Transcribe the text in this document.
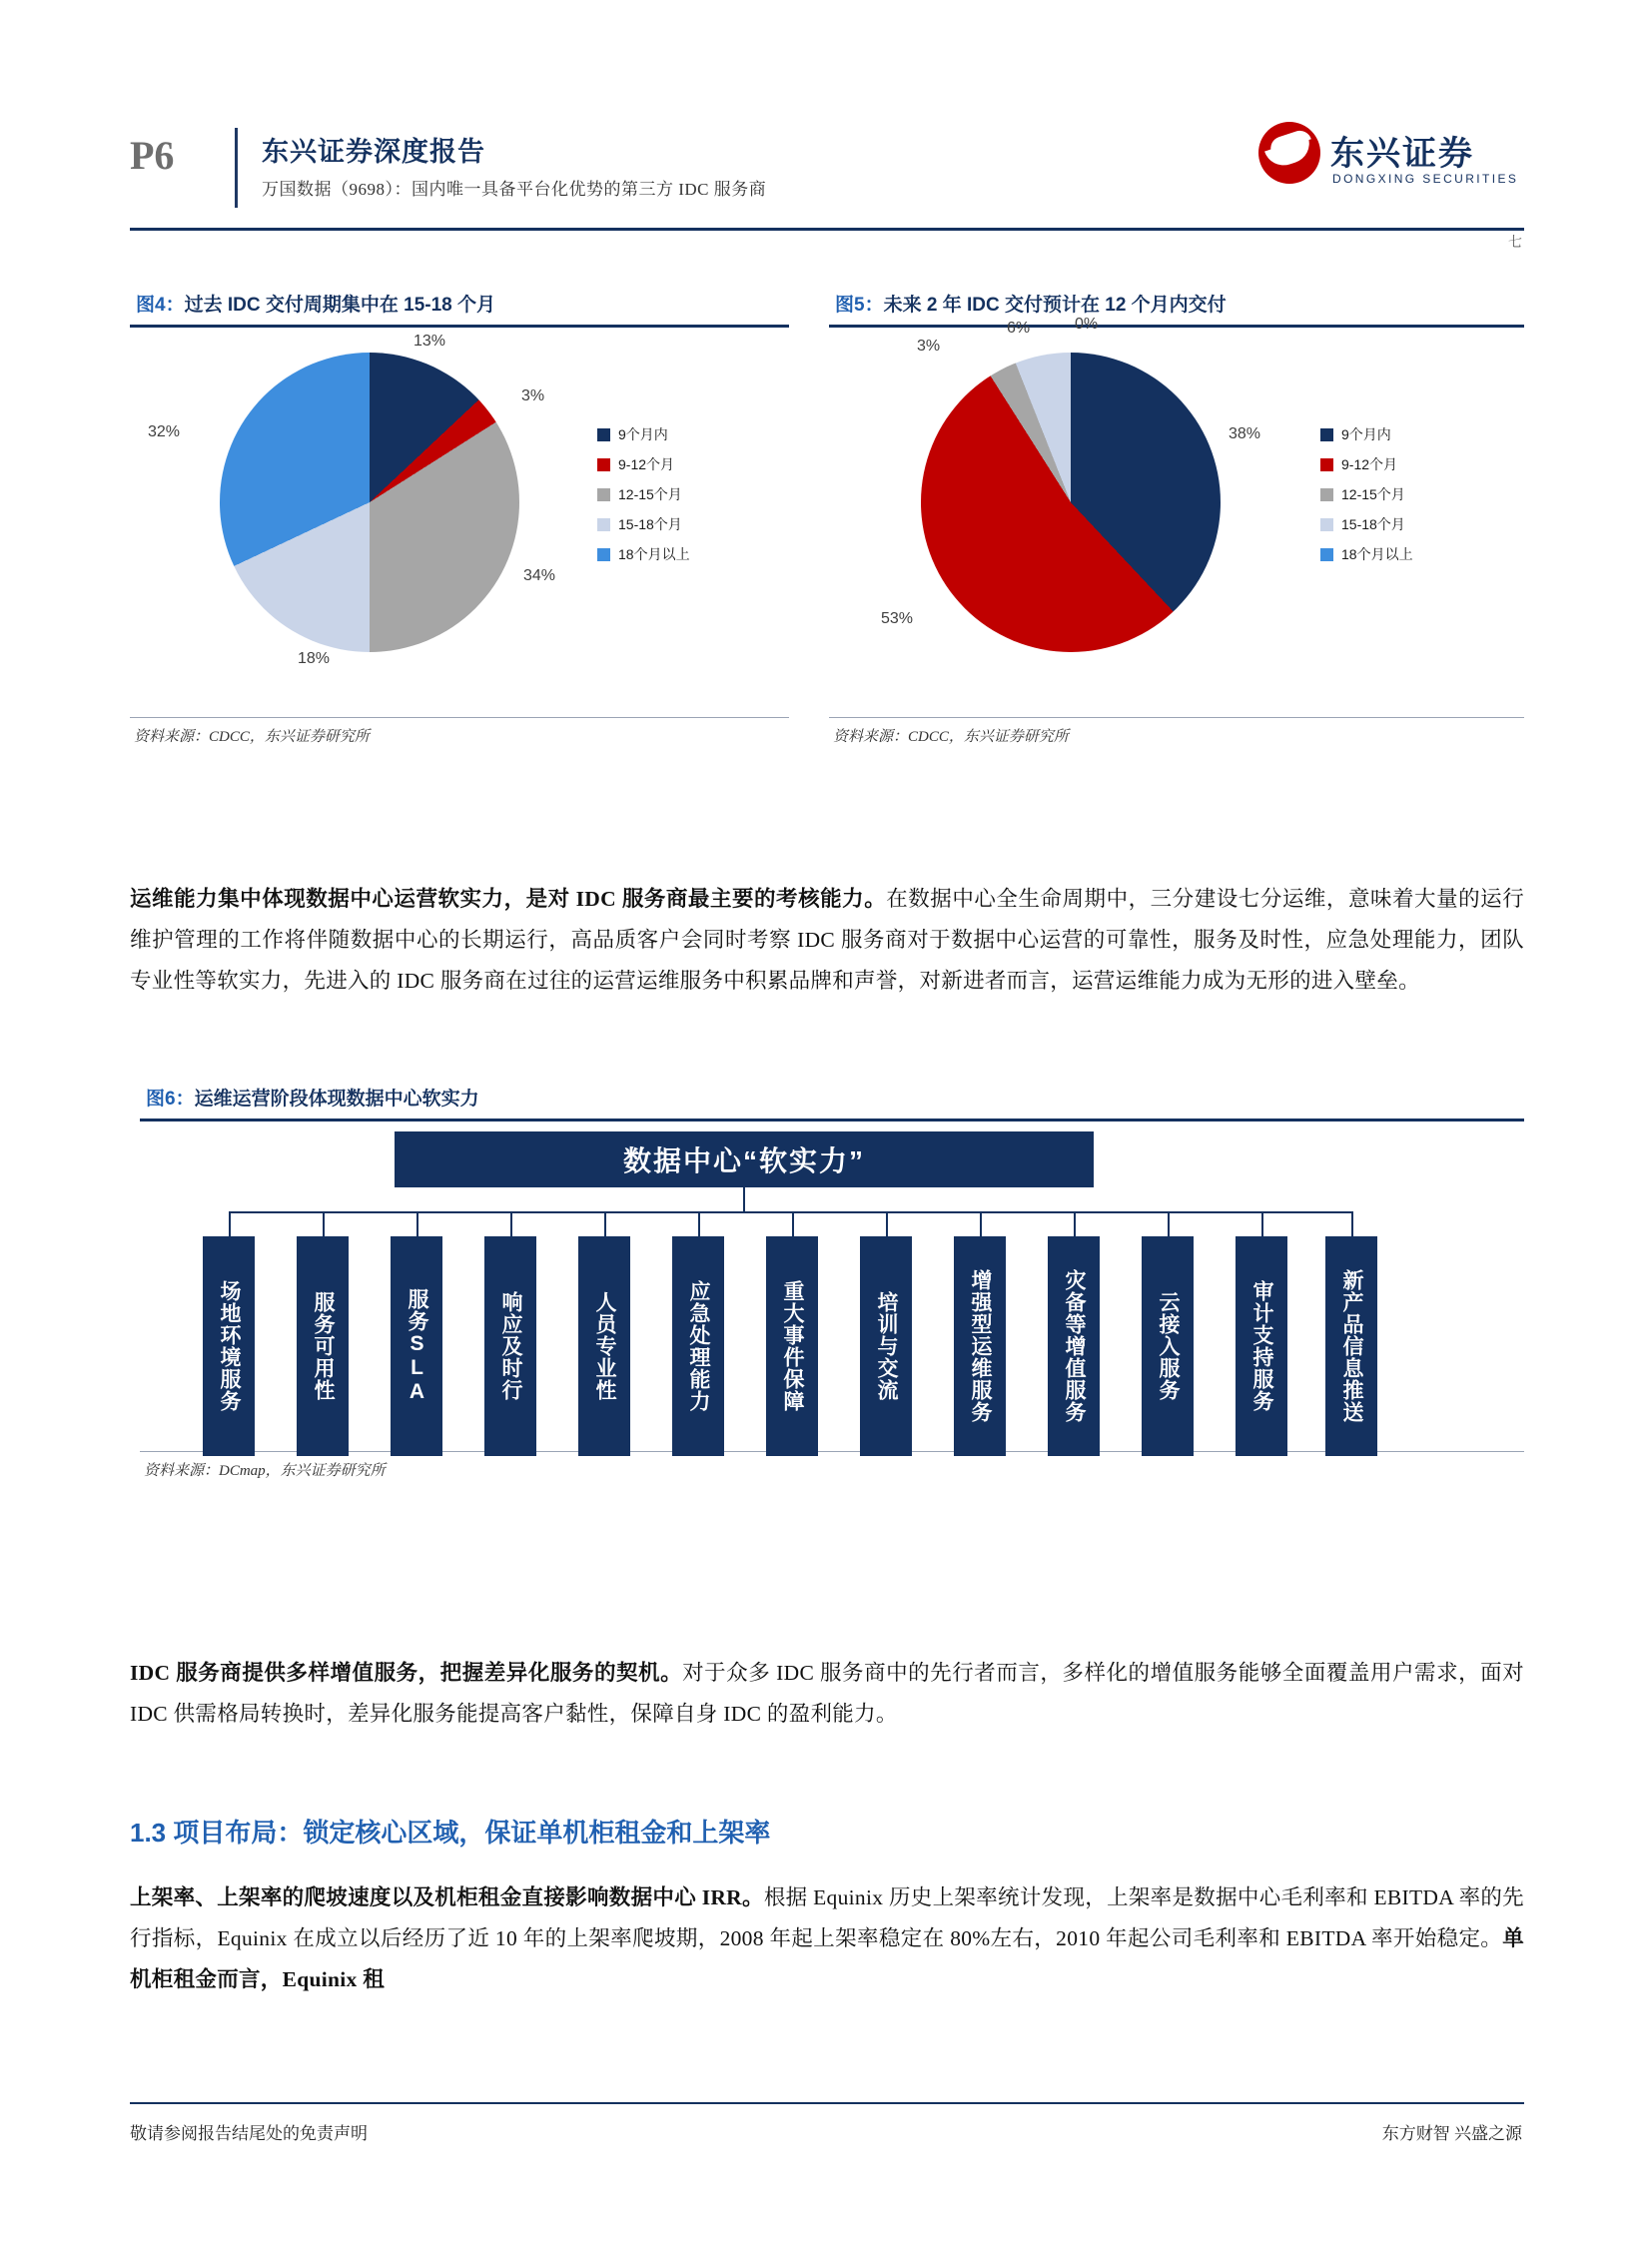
P6	东兴证券深度报告
万国数据（9698）：国内唯一具备平台化优势的第三方 IDC 服务商
东兴证券
DONGXING SECURITIES
七
图4：过去 IDC 交付周期集中在 15-18 个月
13%
3%
34%
18%
32%	9个月内
9-12个月
12-15个月
15-18个月
18个月以上
资料来源：CDCC，东兴证券研究所
图5：未来 2 年 IDC 交付预计在 12 个月内交付
38%
53%
3%
6%	0%
9个月内
9-12个月
12-15个月
15-18个月
18个月以上
资料来源：CDCC，东兴证券研究所
运维能力集中体现数据中心运营软实力，是对 IDC 服务商最主要的考核能力。在数据中心全生命周期中，三分建设七分运维，意味着大量的运行维护管理的工作将伴随数据中心的长期运行，高品质客户会同时考察 IDC 服务商对于数据中心运营的可靠性，服务及时性，应急处理能力，团队专业性等软实力，先进入的 IDC 服务商在过往的运营运维服务中积累品牌和声誉，对新进者而言，运营运维能力成为无形的进入壁垒。
图6：运维运营阶段体现数据中心软实力
数据中心“软实力”
场地环境服务	服务可用性	服务SLA	响应及时行	人员专业性	应急处理能力	重大事件保障	培训与交流	增强型运维服务	灾备等增值服务	云接入服务	审计支持服务	新产品信息推送
资料来源：DCmap，东兴证券研究所
IDC 服务商提供多样增值服务，把握差异化服务的契机。对于众多 IDC 服务商中的先行者而言，多样化的增值服务能够全面覆盖用户需求，面对 IDC 供需格局转换时，差异化服务能提高客户黏性，保障自身 IDC 的盈利能力。
1.3 项目布局：锁定核心区域，保证单机柜租金和上架率
上架率、上架率的爬坡速度以及机柜租金直接影响数据中心 IRR。根据 Equinix 历史上架率统计发现，上架率是数据中心毛利率和 EBITDA 率的先行指标，Equinix 在成立以后经历了近 10 年的上架率爬坡期，2008 年起上架率稳定在 80%左右，2010 年起公司毛利率和 EBITDA 率开始稳定。单机柜租金而言，Equinix 租
敬请参阅报告结尾处的免责声明	东方财智 兴盛之源
